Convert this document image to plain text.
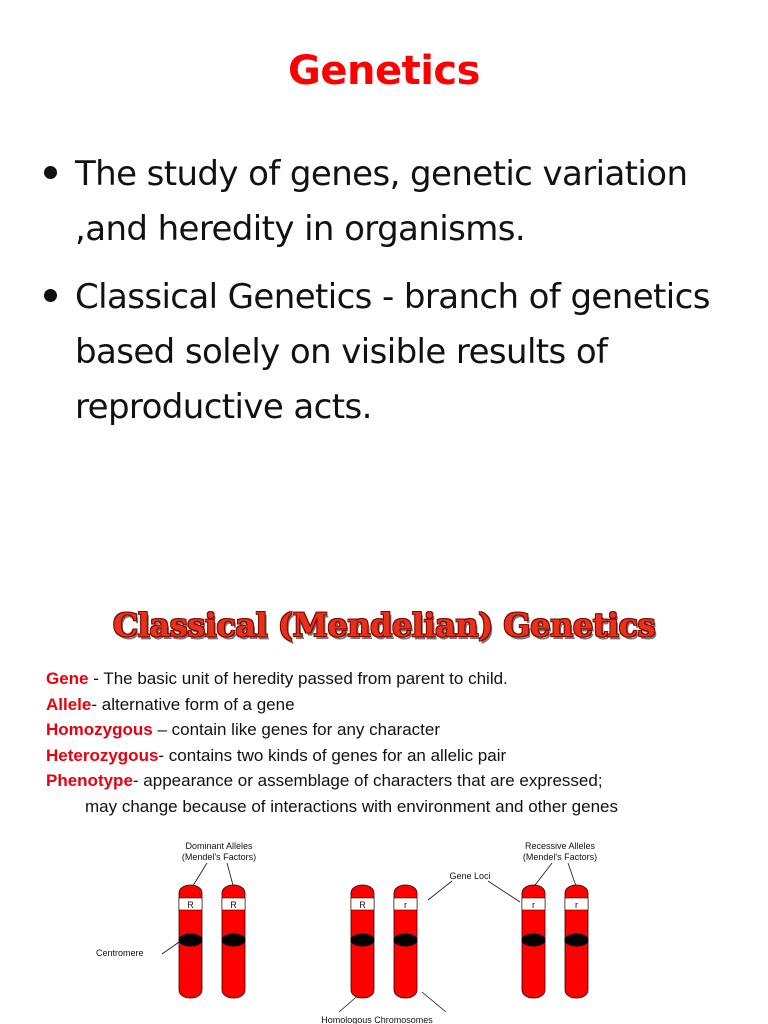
Genetics
The study of genes, genetic variation ,and heredity in organisms.
Classical Genetics - branch of genetics based solely on visible results of reproductive acts.
Classical (Mendelian) Genetics
Gene - The basic unit of heredity passed from parent to child.
Allele- alternative form of a gene
Homozygous – contain like genes for any character
Heterozygous- contains two kinds of genes for an allelic pair
Phenotype- appearance or assemblage of characters that are expressed;
may change because of interactions with environment and other genes
Dominant Alleles
(Mendel's Factors)
Recessive Alleles
(Mendel's Factors)
Gene Loci
Centromere
Homologous Chromosomes
R	R	R	r	r	r
